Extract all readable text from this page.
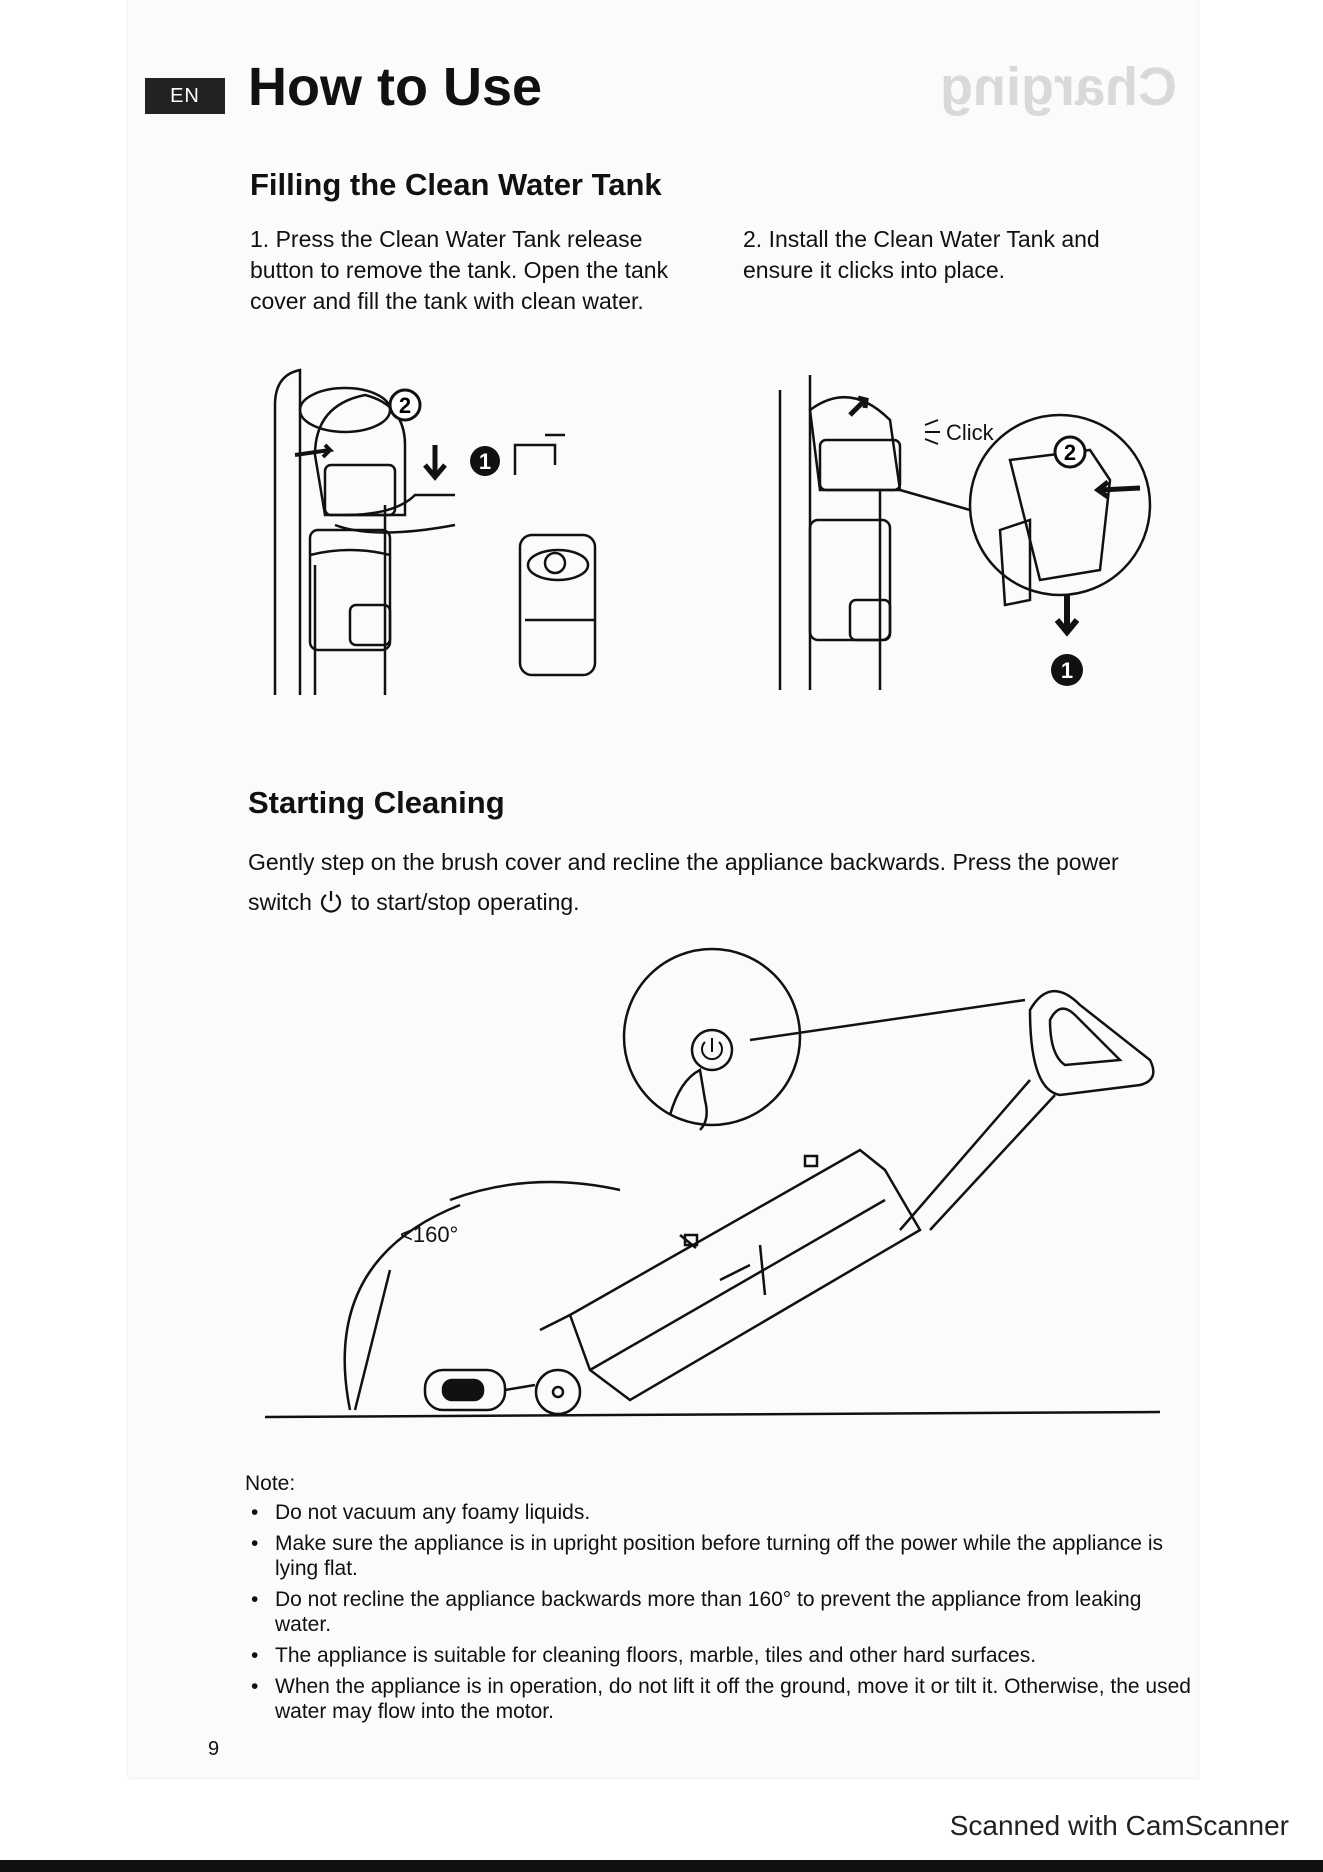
Charging
EN How to Use
Filling the Clean Water Tank

1. Press the Clean Water Tank release button to remove the tank. Open the tank cover and fill the tank with clean water.

2. Install the Clean Water Tank and ensure it clicks into place.

2
1
Click
2
1
Starting Cleaning

Gently step on the brush cover and recline the appliance backwards. Press the power switch to start/stop operating.

<160°
Note:
• Do not vacuum any foamy liquids.
• Make sure the appliance is in upright position before turning off the power while the appliance is lying flat.
• Do not recline the appliance backwards more than 160° to prevent the appliance from leaking water.
• The appliance is suitable for cleaning floors, marble, tiles and other hard surfaces.
• When the appliance is in operation, do not lift it off the ground, move it or tilt it. Otherwise, the used water may flow into the motor.
9
Scanned with CamScanner
